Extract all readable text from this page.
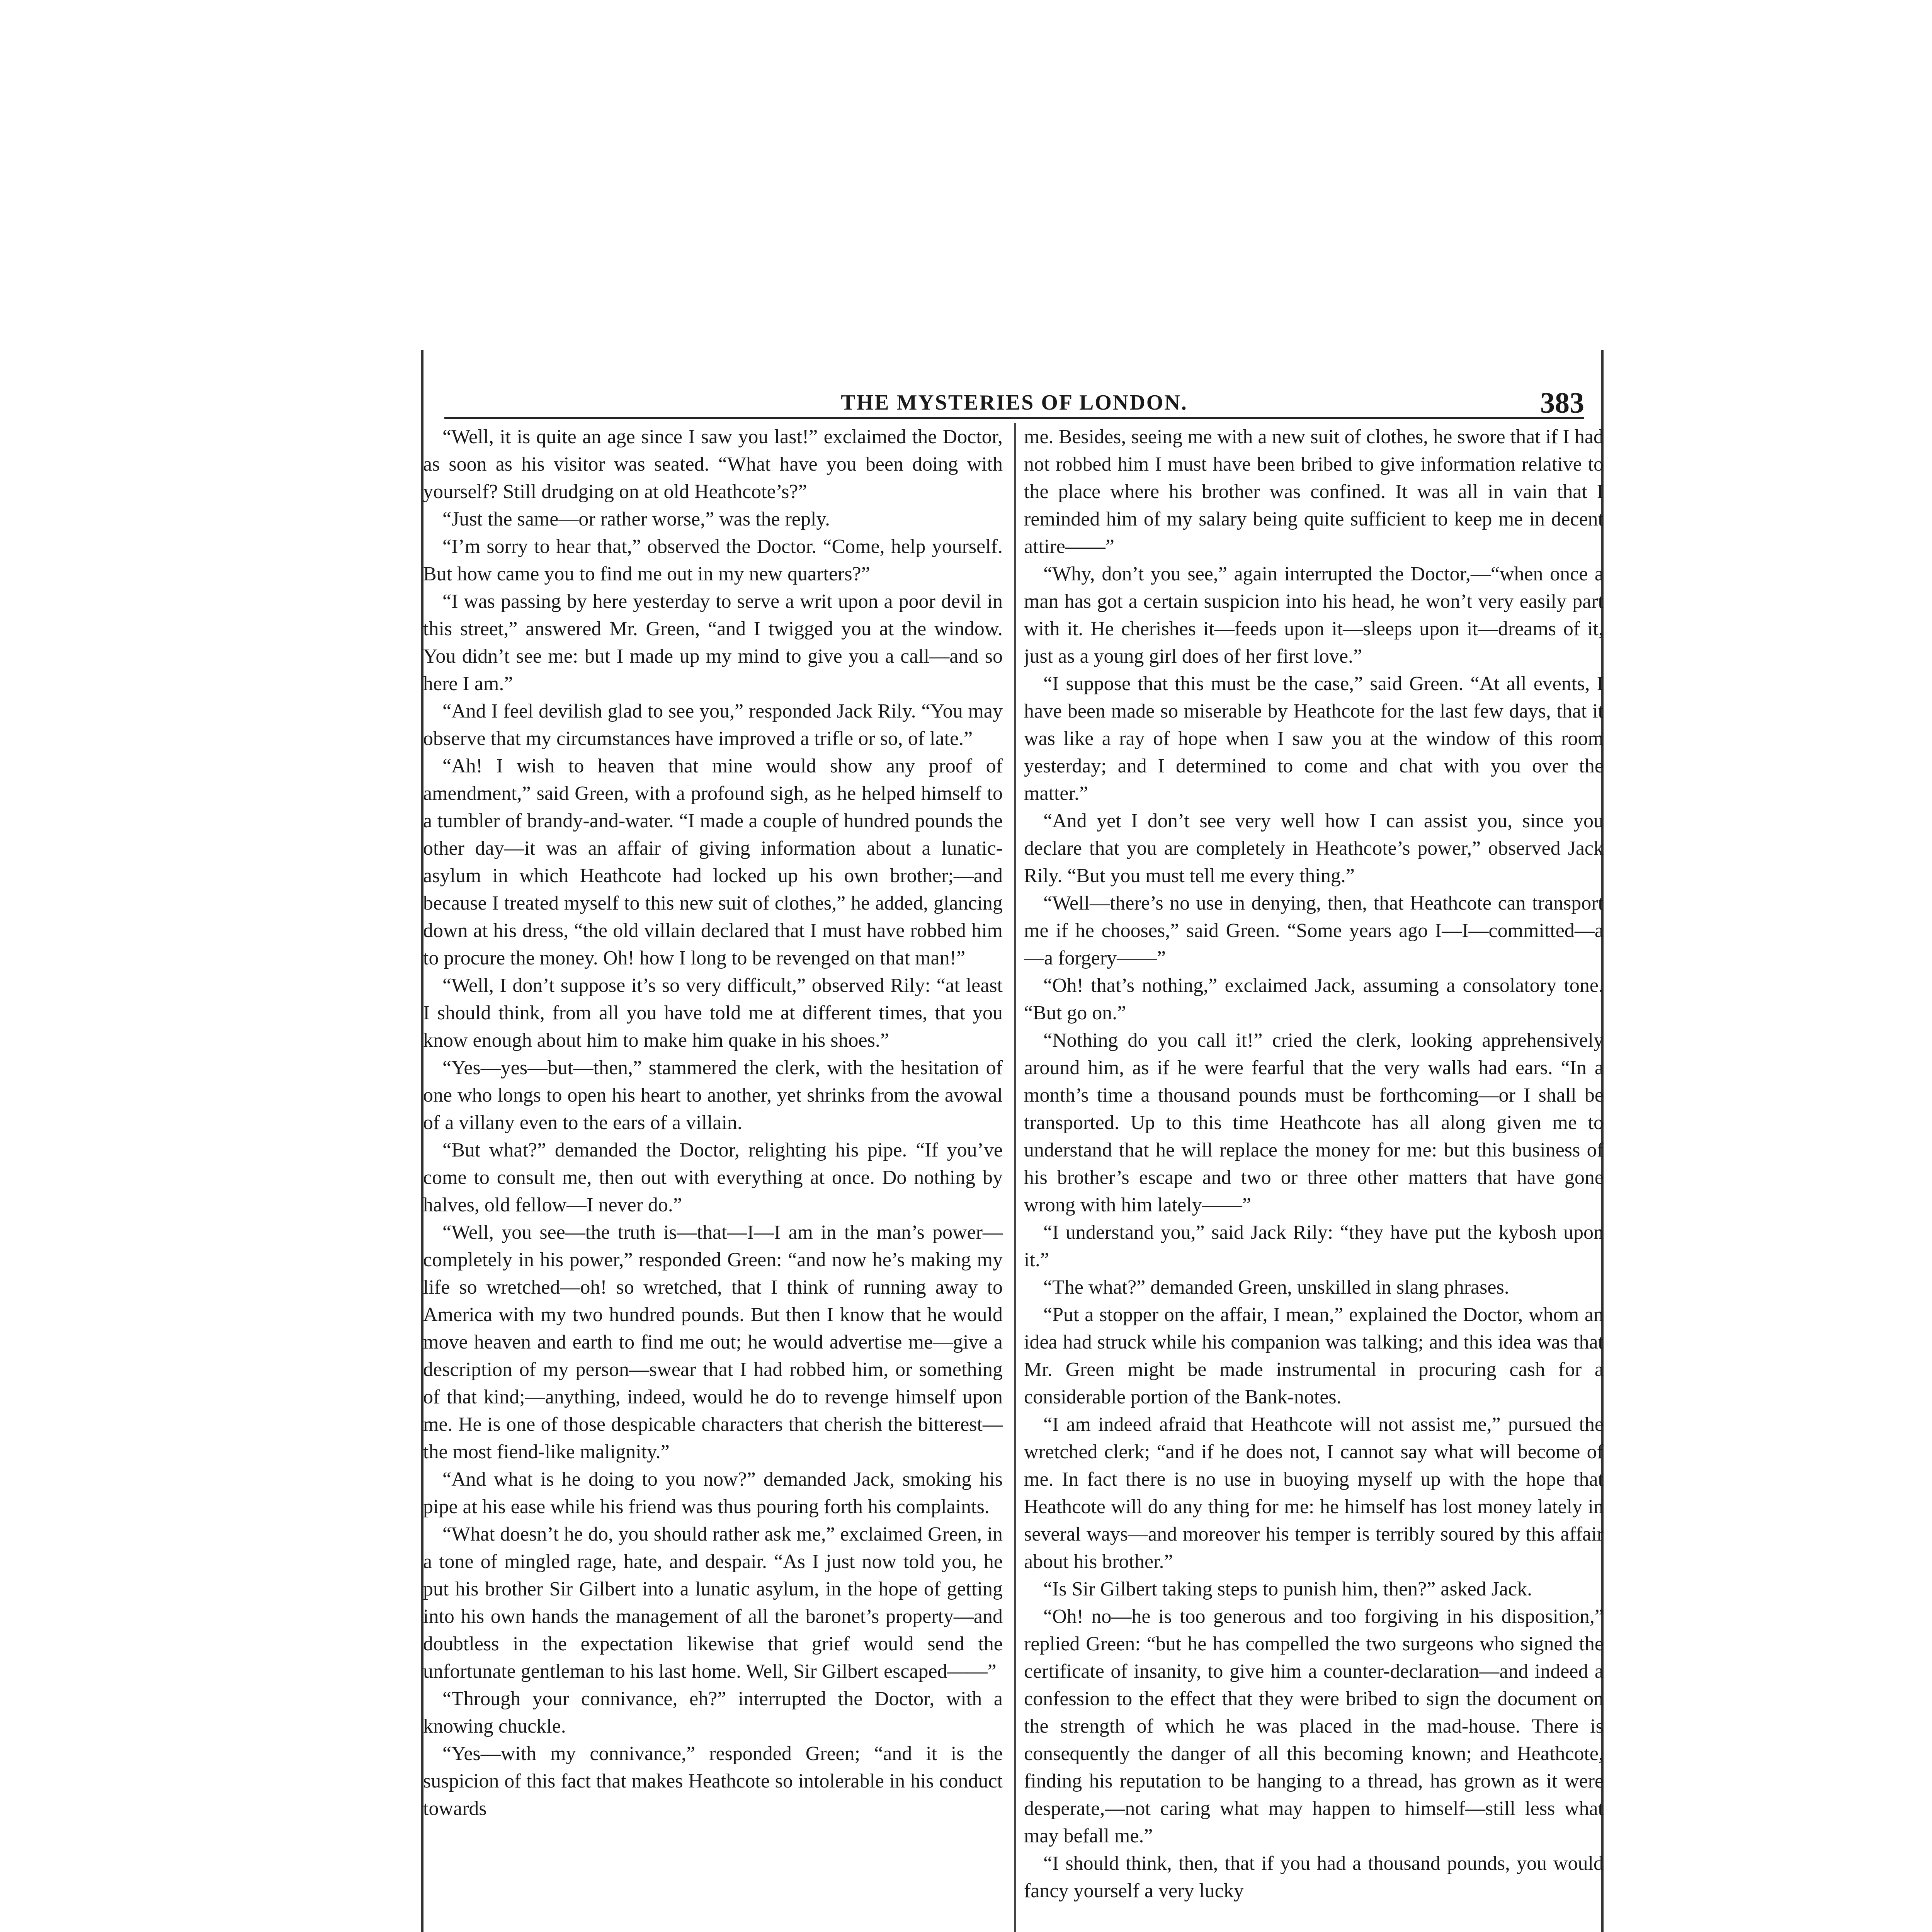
THE MYSTERIES OF LONDON.	383

“Well, it is quite an age since I saw you last!” exclaimed the Doctor, as soon as his visitor was seated. “What have you been doing with yourself? Still drudging on at old Heathcote’s?”

“Just the same—or rather worse,” was the reply.

“I’m sorry to hear that,” observed the Doctor. “Come, help yourself. But how came you to find me out in my new quarters?”

“I was passing by here yesterday to serve a writ upon a poor devil in this street,” answered Mr. Green, “and I twigged you at the window. You didn’t see me: but I made up my mind to give you a call—and so here I am.”

“And I feel devilish glad to see you,” responded Jack Rily. “You may observe that my circumstances have improved a trifle or so, of late.”

“Ah! I wish to heaven that mine would show any proof of amendment,” said Green, with a profound sigh, as he helped himself to a tumbler of brandy-and-water. “I made a couple of hundred pounds the other day—it was an affair of giving information about a lunatic-asylum in which Heathcote had locked up his own brother;—and because I treated myself to this new suit of clothes,” he added, glancing down at his dress, “the old villain declared that I must have robbed him to procure the money. Oh! how I long to be revenged on that man!”

“Well, I don’t suppose it’s so very difficult,” observed Rily: “at least I should think, from all you have told me at different times, that you know enough about him to make him quake in his shoes.”

“Yes—yes—but—then,” stammered the clerk, with the hesitation of one who longs to open his heart to another, yet shrinks from the avowal of a villany even to the ears of a villain.

“But what?” demanded the Doctor, relighting his pipe. “If you’ve come to consult me, then out with everything at once. Do nothing by halves, old fellow—I never do.”

“Well, you see—the truth is—that—I—I am in the man’s power—completely in his power,” responded Green: “and now he’s making my life so wretched—oh! so wretched, that I think of running away to America with my two hundred pounds. But then I know that he would move heaven and earth to find me out; he would advertise me—give a description of my person—swear that I had robbed him, or something of that kind;—anything, indeed, would he do to revenge himself upon me. He is one of those despicable characters that cherish the bitterest—the most fiend-like malignity.”

“And what is he doing to you now?” demanded Jack, smoking his pipe at his ease while his friend was thus pouring forth his complaints.

“What doesn’t he do, you should rather ask me,” exclaimed Green, in a tone of mingled rage, hate, and despair. “As I just now told you, he put his brother Sir Gilbert into a lunatic asylum, in the hope of getting into his own hands the management of all the baronet’s property—and doubtless in the expectation likewise that grief would send the unfortunate gentleman to his last home. Well, Sir Gilbert escaped——”

“Through your connivance, eh?” interrupted the Doctor, with a knowing chuckle.

“Yes—with my connivance,” responded Green; “and it is the suspicion of this fact that makes Heathcote so intolerable in his conduct towards

me. Besides, seeing me with a new suit of clothes, he swore that if I had not robbed him I must have been bribed to give information relative to the place where his brother was confined. It was all in vain that I reminded him of my salary being quite sufficient to keep me in decent attire——”

“Why, don’t you see,” again interrupted the Doctor,—“when once a man has got a certain suspicion into his head, he won’t very easily part with it. He cherishes it—feeds upon it—sleeps upon it—dreams of it, just as a young girl does of her first love.”

“I suppose that this must be the case,” said Green. “At all events, I have been made so miserable by Heathcote for the last few days, that it was like a ray of hope when I saw you at the window of this room yesterday; and I determined to come and chat with you over the matter.”

“And yet I don’t see very well how I can assist you, since you declare that you are completely in Heathcote’s power,” observed Jack Rily. “But you must tell me every thing.”

“Well—there’s no use in denying, then, that Heathcote can transport me if he chooses,” said Green. “Some years ago I—I—committed—a—a forgery——”

“Oh! that’s nothing,” exclaimed Jack, assuming a consolatory tone. “But go on.”

“Nothing do you call it!” cried the clerk, looking apprehensively around him, as if he were fearful that the very walls had ears. “In a month’s time a thousand pounds must be forthcoming—or I shall be transported. Up to this time Heathcote has all along given me to understand that he will replace the money for me: but this business of his brother’s escape and two or three other matters that have gone wrong with him lately——”

“I understand you,” said Jack Rily: “they have put the kybosh upon it.”

“The what?” demanded Green, unskilled in slang phrases.

“Put a stopper on the affair, I mean,” explained the Doctor, whom an idea had struck while his companion was talking; and this idea was that Mr. Green might be made instrumental in procuring cash for a considerable portion of the Bank-notes.

“I am indeed afraid that Heathcote will not assist me,” pursued the wretched clerk; “and if he does not, I cannot say what will become of me. In fact there is no use in buoying myself up with the hope that Heathcote will do any thing for me: he himself has lost money lately in several ways—and moreover his temper is terribly soured by this affair about his brother.”

“Is Sir Gilbert taking steps to punish him, then?” asked Jack.

“Oh! no—he is too generous and too forgiving in his disposition,” replied Green: “but he has compelled the two surgeons who signed the certificate of insanity, to give him a counter-declaration—and indeed a confession to the effect that they were bribed to sign the document on the strength of which he was placed in the mad-house. There is consequently the danger of all this becoming known; and Heathcote, finding his reputation to be hanging to a thread, has grown as it were desperate,—not caring what may happen to himself—still less what may befall me.”

“I should think, then, that if you had a thousand pounds, you would fancy yourself a very lucky
